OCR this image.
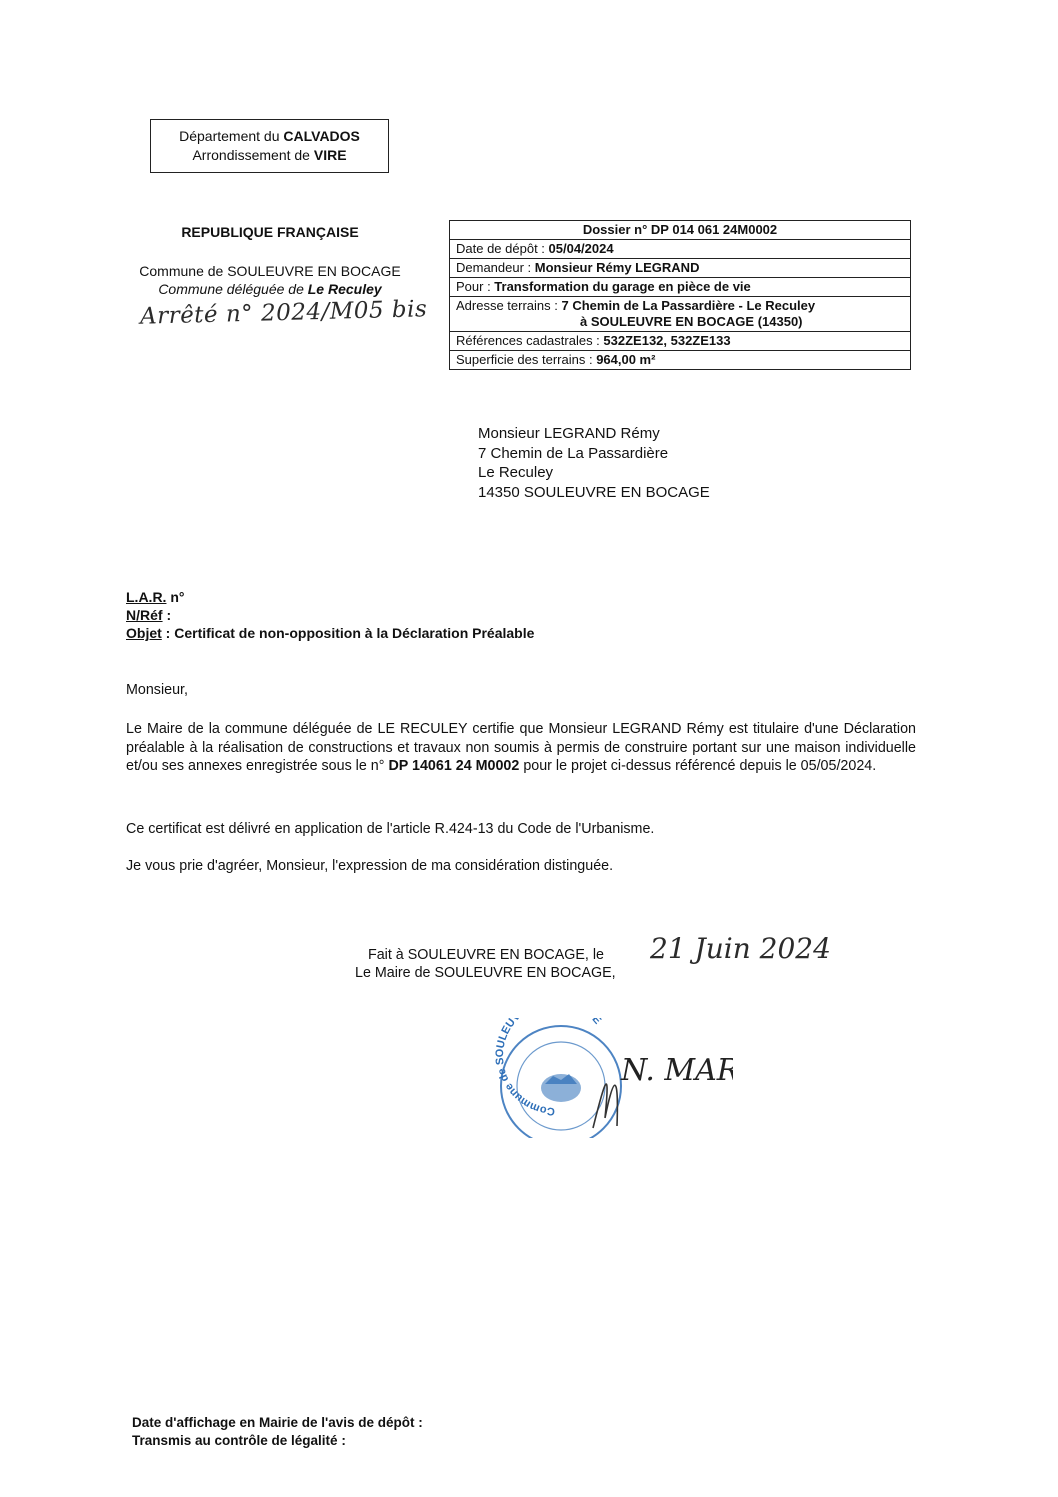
Département du CALVADOS
Arrondissement de VIRE
REPUBLIQUE FRANÇAISE
Commune de SOULEUVRE EN BOCAGE
Commune déléguée de Le Reculey
Arrêté n° 2024/M05 bis
Dossier n° DP 014 061 24M0002
Date de dépôt : 05/04/2024
Demandeur : Monsieur Rémy LEGRAND
Pour : Transformation du garage en pièce de vie
Adresse terrains : 7 Chemin de La Passardière - Le Reculey
à SOULEUVRE EN BOCAGE (14350)

Références cadastrales : 532ZE132, 532ZE133
Superficie des terrains : 964,00 m²
Monsieur LEGRAND Rémy
7 Chemin de La Passardière
Le Reculey
14350 SOULEUVRE EN BOCAGE
L.A.R. n°
N/Réf :
Objet : Certificat de non-opposition à la Déclaration Préalable
Monsieur,
Le Maire de la commune déléguée de LE RECULEY certifie que Monsieur LEGRAND Rémy est titulaire d'une Déclaration préalable à la réalisation de constructions et travaux non soumis à permis de construire portant sur une maison individuelle et/ou ses annexes enregistrée sous le n° DP 14061 24 M0002 pour le projet ci-dessus référencé depuis le 05/05/2024.
Ce certificat est délivré en application de l'article R.424-13 du Code de l'Urbanisme.
Je vous prie d'agréer, Monsieur, l'expression de ma considération distinguée.
Fait à SOULEUVRE EN BOCAGE, le
Le Maire de SOULEUVRE EN BOCAGE,
21 Juin 2024
Commune de SOULEU E
N. MA
Date d'affichage en Mairie de l'avis de dépôt :
Transmis au contrôle de légalité :
